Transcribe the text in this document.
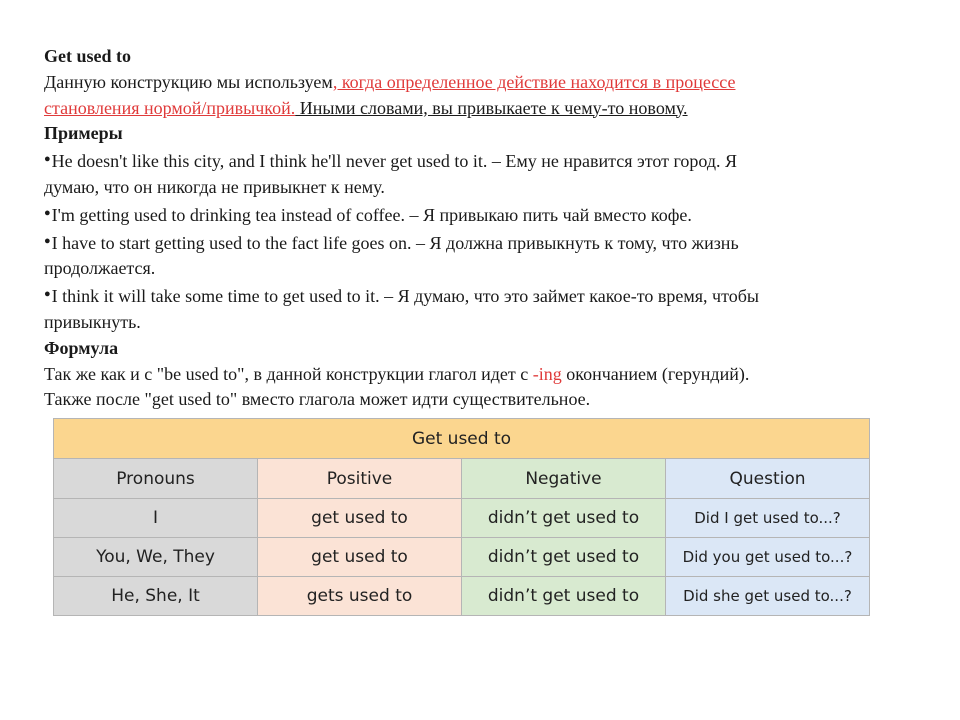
Get used to

Данную конструкцию мы используем, когда определенное действие находится в процессе
становления нормой/привычкой. Иными словами, вы привыкаете к чему-то новому.

Примеры

●He doesn't like this city, and I think he'll never get used to it. – Ему не нравится этот город. Я
думаю, что он никогда не привыкнет к нему.

●I'm getting used to drinking tea instead of coffee. – Я привыкаю пить чай вместо кофе.

●I have to start getting used to the fact life goes on. – Я должна привыкнуть к тому, что жизнь
продолжается.

●I think it will take some time to get used to it. – Я думаю, что это займет какое-то время, чтобы
привыкнуть.

Формула

Так же как и с "be used to", в данной конструкции глагол идет с -ing окончанием (герундий).
Также после "get used to" вместо глагола может идти существительное.

Get used to			
Pronouns	Positive	Negative	Question
I	get used to	didn’t get used to	Did I get used to...?
You, We, They	get used to	didn’t get used to	Did you get used to...?
He, She, It	gets used to	didn’t get used to	Did she get used to...?
